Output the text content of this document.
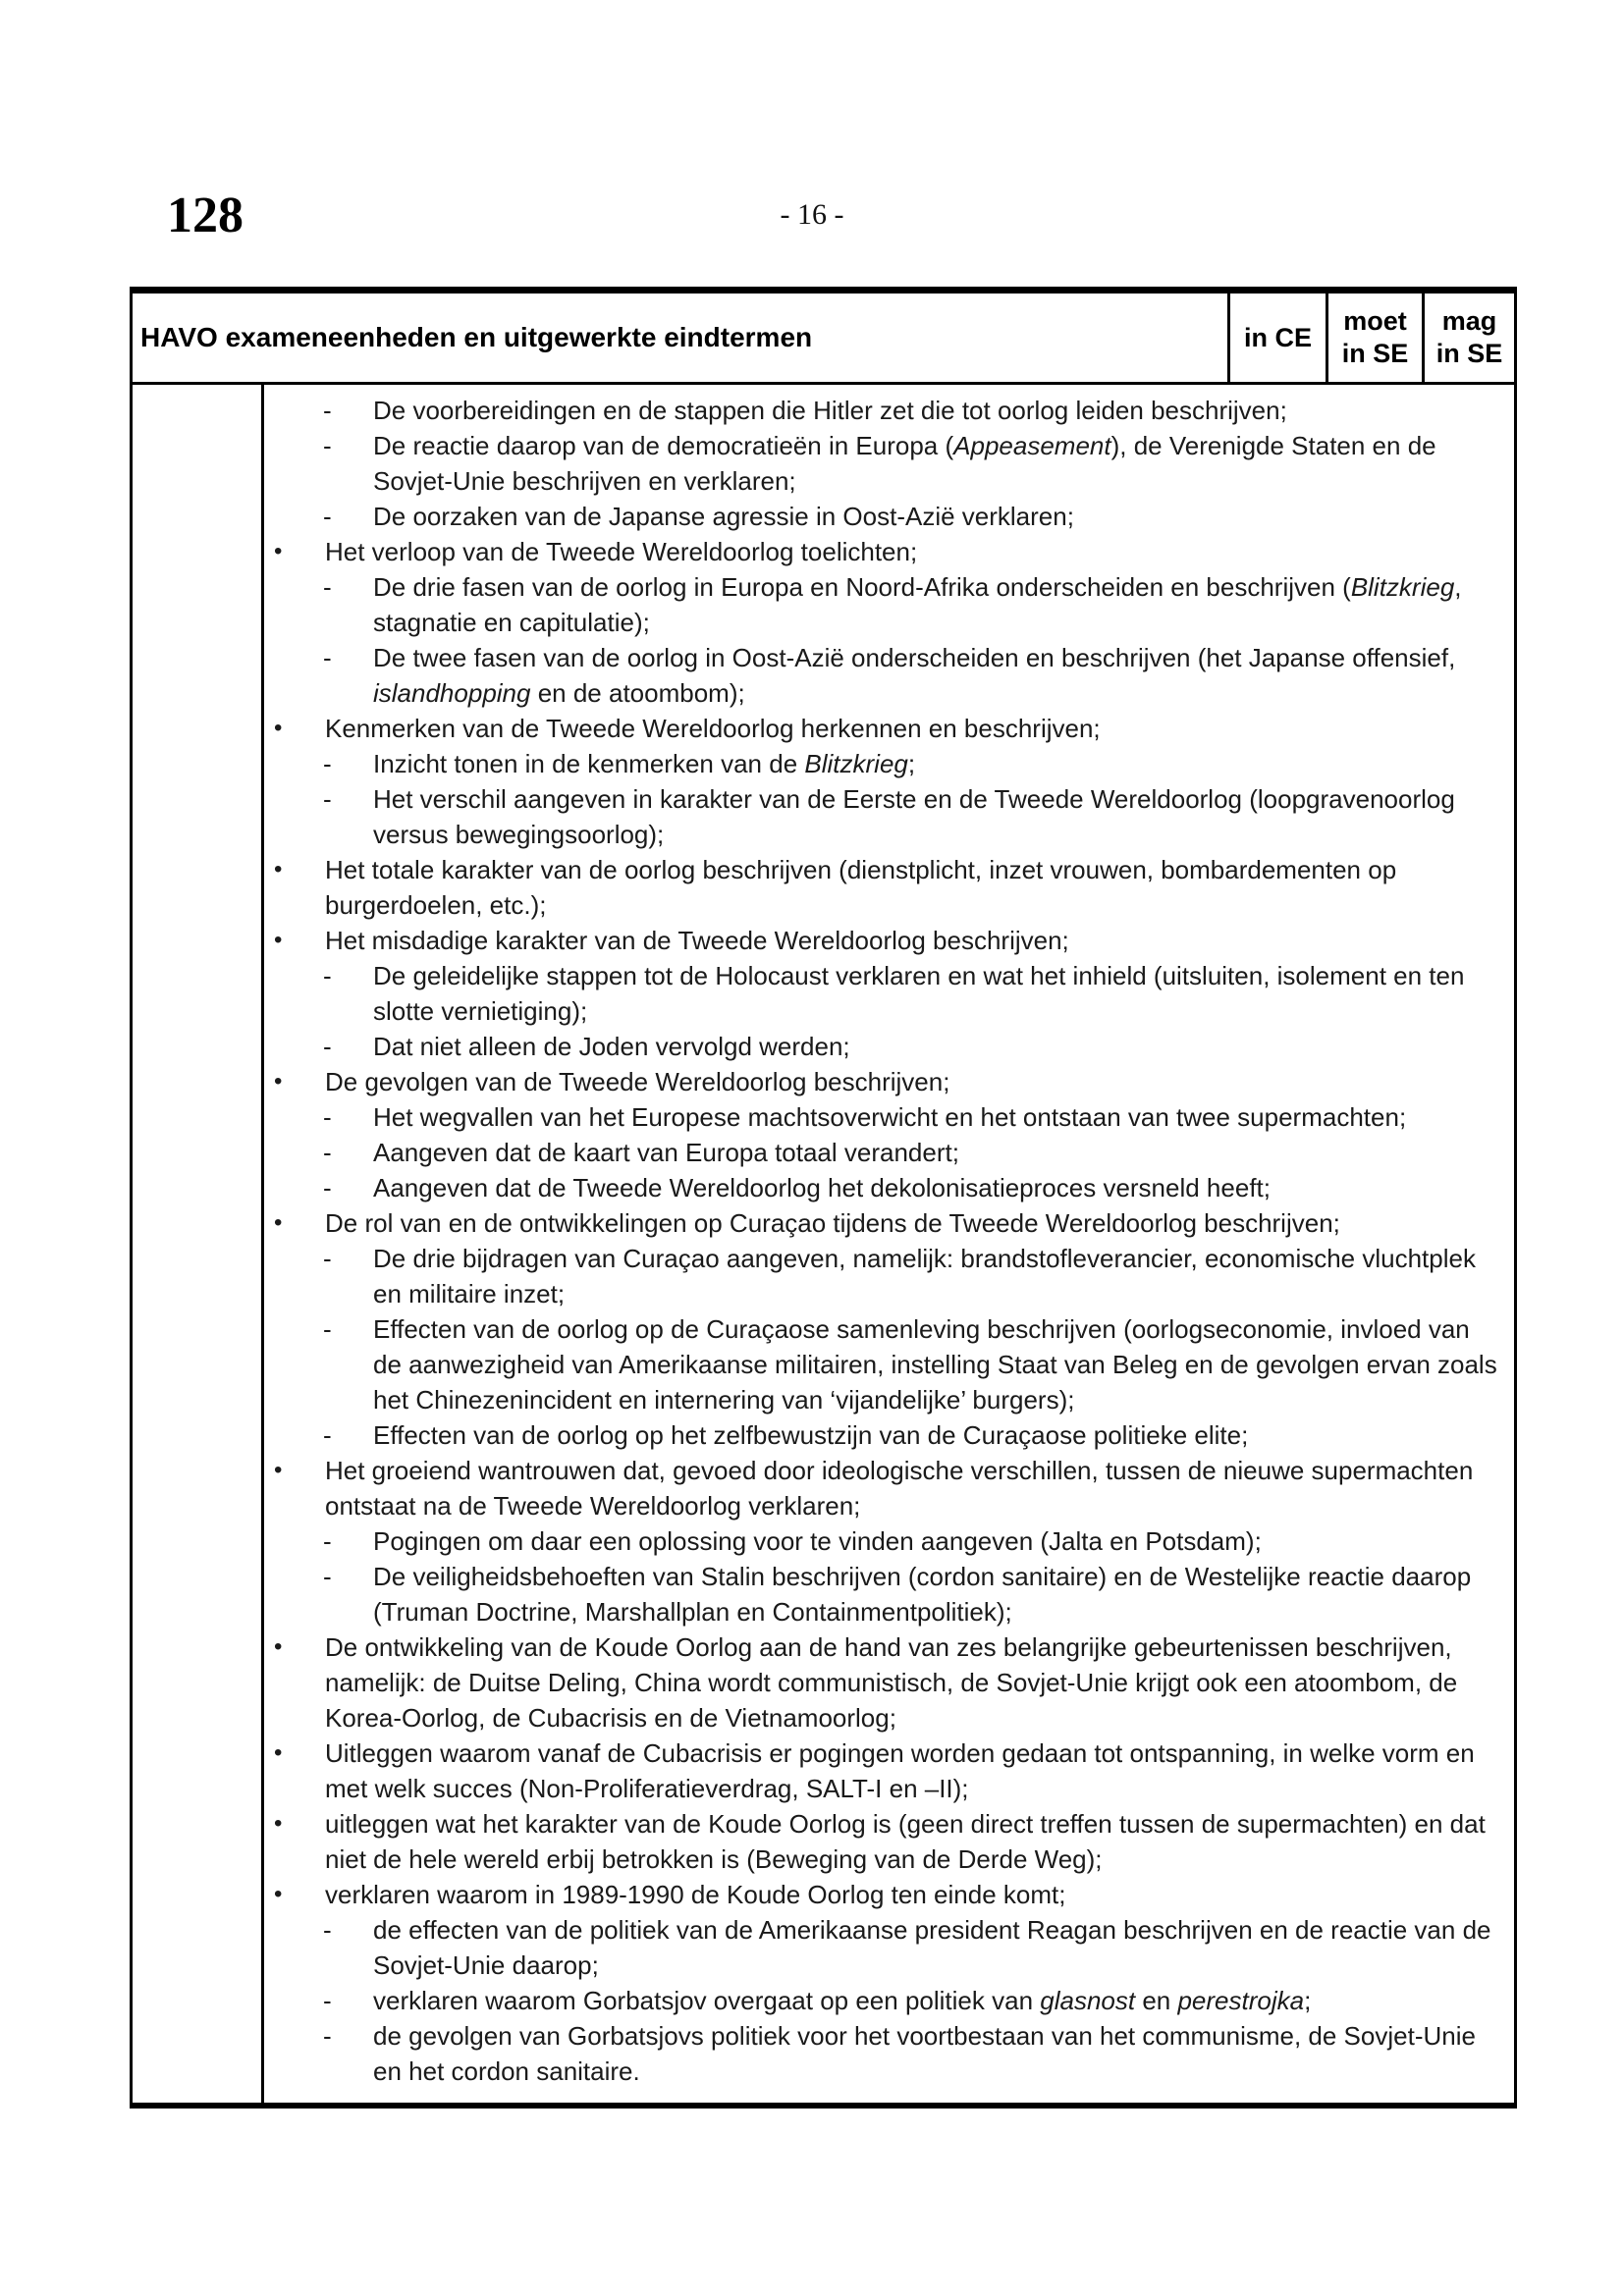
128	- 16 -
HAVO exameneenheden en uitgewerkte eindtermen	in CE
moet in SE
mag in SE
- De voorbereidingen en de stappen die Hitler zet die tot oorlog leiden beschrijven;
- De reactie daarop van de democratieën in Europa (Appeasement), de Verenigde Staten en de Sovjet-Unie beschrijven en verklaren;
- De oorzaken van de Japanse agressie in Oost-Azië verklaren;
• Het verloop van de Tweede Wereldoorlog toelichten;
- De drie fasen van de oorlog in Europa en Noord-Afrika onderscheiden en beschrijven (Blitzkrieg, stagnatie en capitulatie);
- De twee fasen van de oorlog in Oost-Azië onderscheiden en beschrijven (het Japanse offensief, islandhopping en de atoombom);
• Kenmerken van de Tweede Wereldoorlog herkennen en beschrijven;
- Inzicht tonen in de kenmerken van de Blitzkrieg;
- Het verschil aangeven in karakter van de Eerste en de Tweede Wereldoorlog (loopgravenoorlog versus bewegingsoorlog);
• Het totale karakter van de oorlog beschrijven (dienstplicht, inzet vrouwen, bombardementen op burgerdoelen, etc.);
• Het misdadige karakter van de Tweede Wereldoorlog beschrijven;
- De geleidelijke stappen tot de Holocaust verklaren en wat het inhield (uitsluiten, isolement en ten slotte vernietiging);
- Dat niet alleen de Joden vervolgd werden;
• De gevolgen van de Tweede Wereldoorlog beschrijven;
- Het wegvallen van het Europese machtsoverwicht en het ontstaan van twee supermachten;
- Aangeven dat de kaart van Europa totaal verandert;
- Aangeven dat de Tweede Wereldoorlog het dekolonisatieproces versneld heeft;
• De rol van en de ontwikkelingen op Curaçao tijdens de Tweede Wereldoorlog beschrijven;
- De drie bijdragen van Curaçao aangeven, namelijk: brandstofleverancier, economische vluchtplek en militaire inzet;
- Effecten van de oorlog op de Curaçaose samenleving beschrijven (oorlogseconomie, invloed van de aanwezigheid van Amerikaanse militairen, instelling Staat van Beleg en de gevolgen ervan zoals het Chinezenincident en internering van ‘vijandelijke’ burgers);
- Effecten van de oorlog op het zelfbewustzijn van de Curaçaose politieke elite;
• Het groeiend wantrouwen dat, gevoed door ideologische verschillen, tussen de nieuwe supermachten ontstaat na de Tweede Wereldoorlog verklaren;
- Pogingen om daar een oplossing voor te vinden aangeven (Jalta en Potsdam);
- De veiligheidsbehoeften van Stalin beschrijven (cordon sanitaire) en de Westelijke reactie daarop (Truman Doctrine, Marshallplan en Containmentpolitiek);
• De ontwikkeling van de Koude Oorlog aan de hand van zes belangrijke gebeurtenissen beschrijven, namelijk: de Duitse Deling, China wordt communistisch, de Sovjet-Unie krijgt ook een atoombom, de Korea-Oorlog, de Cubacrisis en de Vietnamoorlog;
• Uitleggen waarom vanaf de Cubacrisis er pogingen worden gedaan tot ontspanning, in welke vorm en met welk succes (Non-Proliferatieverdrag, SALT-I en –II);
• uitleggen wat het karakter van de Koude Oorlog is (geen direct treffen tussen de supermachten) en dat niet de hele wereld erbij betrokken is (Beweging van de Derde Weg);
• verklaren waarom in 1989-1990 de Koude Oorlog ten einde komt;
- de effecten van de politiek van de Amerikaanse president Reagan beschrijven en de reactie van de Sovjet-Unie daarop;
- verklaren waarom Gorbatsjov overgaat op een politiek van glasnost en perestrojka;
- de gevolgen van Gorbatsjovs politiek voor het voortbestaan van het communisme, de Sovjet-Unie en het cordon sanitaire.
